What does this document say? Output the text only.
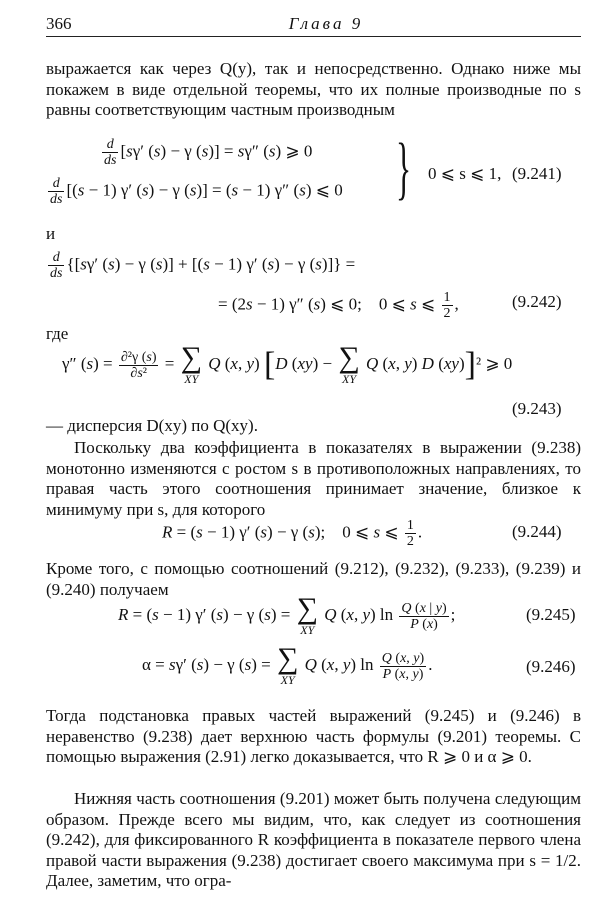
366	Глава 9
выражается как через Q(y), так и непосредственно. Однако ниже мы покажем в виде отдельной теоремы, что их полные производные по s равны соответствующим частным производным
$\frac{d}{ds} [s\gamma'$ (s) − γ (s)] = sγ″ (s) ⩾ 0
$\frac{d}{ds} [(s - 1)$ γ′ (s) − γ (s)] = (s − 1) γ″ (s) ⩽ 0 } 0 ⩽ s ⩽ 1, (9.241)
и
$\frac{d}{ds} \{[s\gamma'$ (s) − γ (s)] + [(s − 1) γ′ (s) − γ (s)]} =
= (2s − 1) γ″ (s) ⩽ 0;    0 ⩽ s ⩽ $\frac{1}{2}$ ,	(9.242)
где
γ″ $(s) = \frac{\text{∂²γ (s)}}{\text{∂s²}}$ = ∑
XY
Q (x, y) [D (xy) − ∑
XY
Q (x, y) D (xy)]² ⩾ 0
(9.243)
— дисперсия D(xy) по Q(xy).
Поскольку два коэффициента в показателях в выражении (9.238) монотонно изменяются с ростом s в противоположных направлениях, то правая часть этого соотношения принимает значение, близкое к минимуму при s, для которого
R = (s − 1) γ′ (s) − γ (s);    0 ⩽ s ⩽ $\frac{1}{2}$ .	(9.244)
Кроме того, с помощью соотношений (9.212), (9.232), (9.233), (9.239) и (9.240) получаем
R = (s − 1) γ′ (s) − γ (s) = ∑
XY
Q (x, y) $\ln \frac{Q (x | y)}{P (x)}$ ;	(9.245)
α = sγ′ (s) − γ (s) = ∑
XY
Q (x, y) $\ln \frac{Q (x, y)}{P (x, y)}$ .	(9.246)
Тогда подстановка правых частей выражений (9.245) и (9.246) в неравенство (9.238) дает верхнюю часть формулы (9.201) теоремы. С помощью выражения (2.91) легко доказывается, что R ⩾ 0 и α ⩾ 0.
Нижняя часть соотношения (9.201) может быть получена следующим образом. Прежде всего мы видим, что, как следует из соотношения (9.242), для фиксированного R коэффициента в показателе первого члена правой части выражения (9.238) достигает своего максимума при s = 1/2. Далее, заметим, что огра-
